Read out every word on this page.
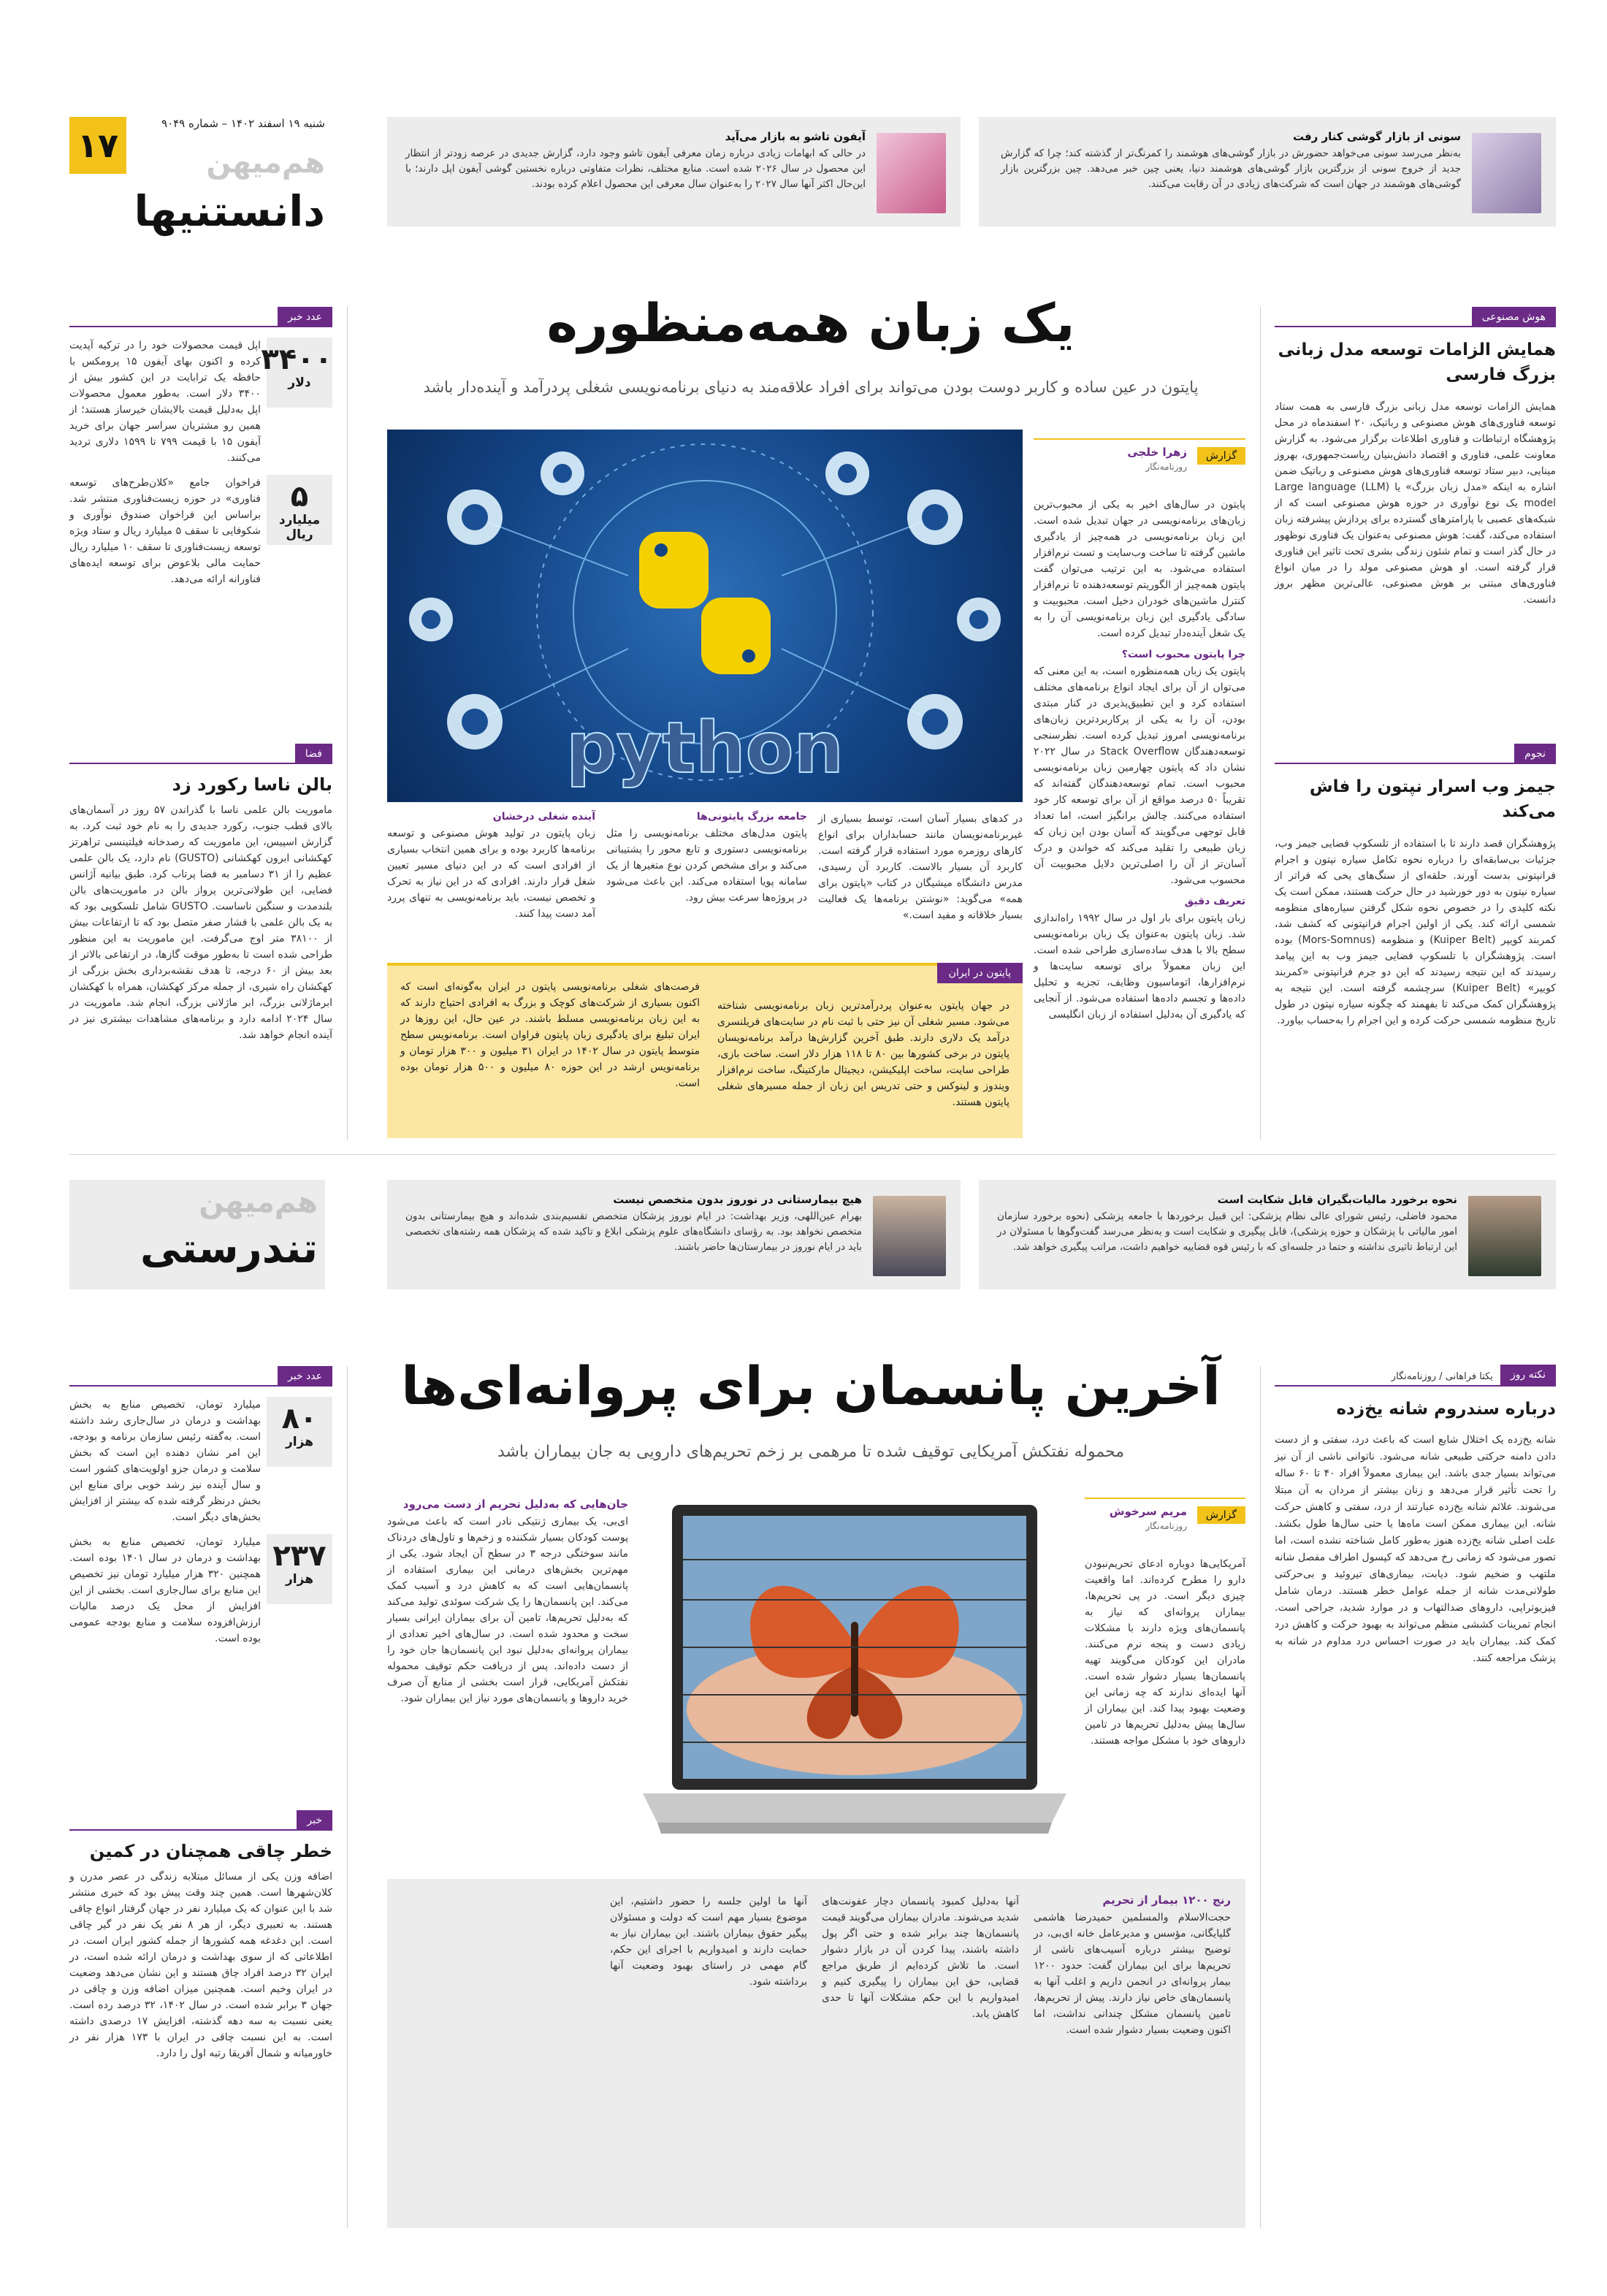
۱۷
شنبه ۱۹ اسفند ۱۴۰۲ – شماره ۹۰۴۹
هم‌میهن
دانستنیها
آیفون تاشو به بازار می‌آید
در حالی که ابهامات زیادی درباره زمان معرفی آیفون تاشو وجود دارد، گزارش جدیدی در عرصه زودتر از انتظار این محصول در سال ۲۰۲۶ شده است. منابع مختلف، نظرات متفاوتی درباره نخستین گوشی آیفون اپل دارند؛ با این‌حال اکثر آنها سال ۲۰۲۷ را به‌عنوان سال معرفی این محصول اعلام کرده بودند.
سونی از بازار گوشی کنار رفت
به‌نظر می‌رسد سونی می‌خواهد حضورش در بازار گوشی‌های هوشمند را کمرنگ‌تر از گذشته کند؛ چرا که گزارش جدید از خروج سونی از بزرگترین بازار گوشی‌های هوشمند دنیا، یعنی چین خبر می‌دهد. چین بزرگترین بازار گوشی‌های هوشمند در جهان است که شرکت‌های زیادی در آن رقابت می‌کنند.
عدد خبر
۳۴۰۰
دلار
اپل قیمت محصولات خود را در ترکیه آپدیت کرده و اکنون بهای آیفون ۱۵ پرومکس با حافظه یک ترابایت در این کشور بیش از ۳۴۰۰ دلار است. به‌طور معمول محصولات اپل به‌دلیل قیمت بالایشان خیرساز هستند؛ از همین رو مشتریان سراسر جهان برای خرید آیفون ۱۵ با قیمت ۷۹۹ تا ۱۵۹۹ دلاری تردید می‌کنند.
۵
میلیارد ریال
فراخوان جامع «کلان‌طرح‌های توسعه فناوری» در حوزه زیست‌فناوری منتشر شد. براساس این فراخوان صندوق نوآوری و شکوفایی تا سقف ۵ میلیارد ریال و ستاد ویژه توسعه زیست‌فناوری تا سقف ۱۰ میلیارد ریال حمایت مالی بلاعوض برای توسعه ایده‌های فناورانه ارائه می‌دهد.
فضا
بالن ناسا رکورد زد
ماموریت بالن علمی ناسا با گذراندن ۵۷ روز در آسمان‌های بالای قطب جنوب، رکورد جدیدی را به نام خود ثبت کرد. به گزارش اسپیس، این ماموریت که رصدخانه فیلتینسی تراهرتز کهکشانی ابرون کهکشانی (GUSTO) نام دارد، یک بالن علمی عظیم را از ۳۱ دسامبر به فضا پرتاب کرد. طبق بیانیه آژانس فضایی، این طولانی‌ترین پرواز بالن در ماموریت‌های بالن بلندمدت و سنگین ناساست. GUSTO شامل تلسکوپی بود که به یک بالن علمی با فشار صفر متصل بود که تا ارتفاعات بیش از ۳۸۱۰۰ متر اوج می‌گرفت. این ماموریت به این منظور طراحی شده است تا به‌طور موقت گازها، در ارتفاعی بالاتر از بعد بیش از ۶۰ درجه، تا هدف نقشه‌برداری بخش بزرگی از کهکشان راه شیری، از جمله مرکز کهکشان، همراه با کهکشان ابرماژلانی بزرگ، ابر ماژلانی بزرگ، انجام شد. ماموریت در سال ۲۰۲۴ ادامه دارد و برنامه‌های مشاهدات بیشتری نیز در آینده انجام خواهد شد.
هوش مصنوعی
همایش الزامات توسعه مدل زبانی بزرگ فارسی
همایش الزامات توسعه مدل زبانی بزرگ فارسی به همت ستاد توسعه فناوری‌های هوش مصنوعی و رباتیک، ۲۰ اسفندماه در محل پژوهشگاه ارتباطات و فناوری اطلاعات برگزار می‌شود. به گزارش معاونت علمی، فناوری و اقتصاد دانش‌بنیان ریاست‌جمهوری، بهروز مینایی، دبیر ستاد توسعه فناوری‌های هوش مصنوعی و رباتیک ضمن اشاره به اینکه «مدل زبان بزرگ» یا (LLM) Large language model یک نوع نوآوری در حوزه هوش مصنوعی است که از شبکه‌های عصبی با پارامترهای گسترده برای پردازش پیشرفته زبان استفاده می‌کند، گفت: هوش مصنوعی به‌عنوان یک فناوری نوظهور در حال گذر است و تمام شئون زندگی بشری تحت تاثیر این فناوری قرار گرفته است. او هوش مصنوعی مولد را در میان انواع فناوری‌های مبتنی بر هوش مصنوعی، عالی‌ترین مظهر بروز دانست.
نجوم
جیمز وب اسرار نپتون را فاش می‌کند
پژوهشگران قصد دارند تا با استفاده از تلسکوپ فضایی جیمز وب، جزئیات بی‌سابقه‌ای را درباره نحوه تکامل سیاره نپتون و اجرام فرانپتونی بدست آورند. حلقه‌ای از سنگ‌های یخی که فراتر از سیاره نپتون به دور خورشید در حال حرکت هستند، ممکن است یک نکته کلیدی را در خصوص نحوه شکل گرفتن سیاره‌های منظومه شمسی ارائه کند. یکی از اولین اجرام فرانپتونی که کشف شد، کمربند کویپر (Kuiper Belt) و منظومه (Mors-Somnus) بوده است. پژوهشگران با تلسکوپ فضایی جیمز وب به این پیامد رسیدند که این نتیجه رسیدند که این دو جرم فرانپتونی «کمربند کویپر» (Kuiper Belt) سرچشمه گرفته است. این نتیجه به پژوهشگران کمک می‌کند تا بفهمند که چگونه سیاره نپتون در طول تاریخ منظومه شمسی حرکت کرده و این اجرام را به‌حساب بیاورد.
یک زبان همه‌منظوره
پایتون در عین ساده و کاربر دوست بودن می‌تواند برای افراد علاقه‌مند به دنیای برنامه‌نویسی شغلی پردرآمد و آینده‌دار باشد
python
گزارش
زهرا خلجی
روزنامه‌نگار
پایتون در سال‌های اخیر به یکی از محبوب‌ترین زبان‌های برنامه‌نویسی در جهان تبدیل شده است. این زبان برنامه‌نویسی در همه‌چیز از یادگیری ماشین گرفته تا ساخت وب‌سایت و تست نرم‌افزار استفاده می‌شود. به این ترتیب می‌توان گفت پایتون همه‌چیز از الگوریتم توسعه‌دهنده تا نرم‌افزار کنترل ماشین‌های خودران دخیل است. محبوبیت و سادگی یادگیری این زبان برنامه‌نویسی آن را به یک شغل آینده‌دار تبدیل کرده است.
چرا پایتون محبوب است؟
پایتون یک زبان همه‌منظوره است، به این معنی که می‌توان از آن برای ایجاد انواع برنامه‌های مختلف استفاده کرد و این تطبیق‌پذیری در کنار مبتدی بودن، آن را به یکی از پرکاربردترین زبان‌های برنامه‌نویسی امروز تبدیل کرده است. نظرسنجی توسعه‌دهندگان Stack Overflow در سال ۲۰۲۲ نشان داد که پایتون چهارمین زبان برنامه‌نویسی محبوب است. تمام توسعه‌دهندگان گفته‌اند که تقریباً ۵۰ درصد مواقع از آن برای توسعه کار خود استفاده می‌کنند. چالش برانگیز است، اما تعداد قابل توجهی می‌گویند که آسان بودن این زبان که زبان طبیعی را تقلید می‌کند که خواندن و درک آسان‌تر از آن را اصلی‌ترین دلایل محبوبیت آن محسوب می‌شود.
تعریف دقیق
زبان پایتون برای بار اول در سال ۱۹۹۲ راه‌اندازی شد. زبان پایتون به‌عنوان یک زبان برنامه‌نویسی سطح بالا با هدف ساده‌سازی طراحی شده است. این زبان معمولاً برای توسعه سایت‌ها و نرم‌افزارها، اتوماسیون وظایف، تجزیه و تحلیل داده‌ها و تجسم داده‌ها استفاده می‌شود. از آنجایی که یادگیری آن به‌دلیل استفاده از زبان انگلیسی
در کدهای بسیار آسان است، توسط بسیاری از غیربرنامه‌نویسان مانند حسابداران برای انواع کارهای روزمره مورد استفاده قرار گرفته است. کاربرد آن بسیار بالاست. کاربرد آن رسیدی، مدرس دانشگاه میشیگان در کتاب «پایتون برای همه» می‌گوید: «نوشتن برنامه‌ها یک فعالیت بسیار خلاقانه و مفید است.»
جامعه بزرگ پایتونی‌ها
پایتون مدل‌های مختلف برنامه‌نویسی را مثل برنامه‌نویسی دستوری و تابع محور را پشتیبانی می‌کند و برای مشخص کردن نوع متغیرها از یک سامانه پویا استفاده می‌کند. این باعث می‌شود در پروژه‌ها سرعت بیش رود.
آینده شغلی درخشان
زبان پایتون در تولید هوش مصنوعی و توسعه برنامه‌ها کاربرد بوده و برای همین انتخاب بسیاری از افرادی است که در این دنیای مسیر تعیین شغل قرار دارند. افرادی که در این نیاز به تحرک و تخصص نیست، باید برنامه‌نویسی به تنهای پررد آمد دست پیدا کنند.
پایتون در ایران
در جهان پایتون به‌عنوان پردرآمدترین زبان برنامه‌نویسی شناخته می‌شود. مسیر شغلی آن نیز حتی با ثبت نام در سایت‌های فریلنسری درآمد یک دلاری دارند. طبق آخرین گزارش‌ها درآمد برنامه‌نویسان پایتون در برخی کشورها بین ۸۰ تا ۱۱۸ هزار دلار است. ساخت بازی، طراحی سایت، ساخت اپلیکیشن، دیجیتال مارکتینگ، ساخت نرم‌افزار ویندوز و لینوکس و حتی تدریس این زبان از جمله مسیرهای شغلی پایتون هستند.
فرصت‌های شغلی برنامه‌نویسی پایتون در ایران به‌گونه‌ای است که اکنون بسیاری از شرکت‌های کوچک و بزرگ به افرادی احتیاج دارند که به این زبان برنامه‌نویسی مسلط باشند. در عین حال، این روزها در ایران تبلیغ برای یادگیری زبان پایتون فراوان است. برنامه‌نویس سطح متوسط پایتون در سال ۱۴۰۲ در ایران ۳۱ میلیون و ۳۰۰ هزار تومان و برنامه‌نویس ارشد در این حوزه ۸۰ میلیون و ۵۰۰ هزار تومان بوده است.
هم‌میهن
تندرستی
هیچ بیمارستانی در نوروز بدون متخصص نیست
بهرام عین‌اللهی، وزیر بهداشت: در ایام نوروز پزشکان متخصص تقسیم‌بندی شده‌اند و هیچ بیمارستانی بدون متخصص نخواهد بود. به رؤسای دانشگاه‌های علوم پزشکی ابلاغ و تاکید شده که پزشکان همه رشته‌های تخصصی باید در ایام نوروز در بیمارستان‌ها حاضر باشند.
نحوه برخورد مالیات‌بگیران قابل شکایت است
محمود فاضلی، رئیس شورای عالی نظام پزشکی: این قبیل برخوردها با جامعه پزشکی (نحوه برخورد سازمان امور مالیاتی با پزشکان و حوزه پزشکی)، قابل پیگیری و شکایت است و به‌نظر می‌رسد گفت‌وگوها با مسئولان در این ارتباط تاثیری نداشته و حتما در جلسه‌ای که با رئیس قوه قضاییه خواهیم داشت، مراتب پیگیری خواهد شد.
عدد خبر
۸۰
هزار
میلیارد تومان، تخصیص منابع به بخش بهداشت و درمان در سال‌جاری رشد داشته است. به‌گفته رئیس سازمان برنامه و بودجه، این امر نشان دهنده این است که بخش سلامت و درمان جزو اولویت‌های کشور است و سال آینده نیز رشد خوبی برای منابع این بخش درنظر گرفته شده که بیشتر از افزایش بخش‌های دیگر است.
۲۳۷
هزار
میلیارد تومان، تخصیص منابع به بخش بهداشت و درمان در سال ۱۴۰۱ بوده است. همچنین ۳۲۰ هزار میلیارد تومان نیز تخصیص این منابع برای سال‌جاری است. بخشی از این افزایش از محل یک درصد مالیات ارزش‌افزوده سلامت و منابع بودجه عمومی بوده است.
خبر
خطر چاقی همچنان در کمین
اضافه وزن یکی از مسائل مبتلابه زندگی در عصر مدرن و کلان‌شهرها است. همین چند وقت پیش بود که خبری منتشر شد با این عنوان که یک میلیارد نفر در جهان گرفتار انواع چاقی هستند. به تعبیری دیگر، از هر ۸ نفر یک نفر در گیر چاقی است. این دغدغه همه کشورها از جمله کشور ایران است. در اطلاعاتی که از سوی بهداشت و درمان ارائه شده است، در ایران ۳۲ درصد افراد چاق هستند و این نشان می‌دهد وضعیت در ایران وخیم است. همچنین میزان اضافه وزن و چاقی در جهان ۳ برابر شده است. در سال ۱۴۰۲، ۳۲ درصد رده است. یعنی نسبت به سه دهه گذشته، افزایش ۱۷ درصدی داشته است. به این نسبت چاقی در ایران با ۱۷۳ هزار نفر در خاورمیانه و شمال آفریقا رتبه اول را دارد.
نکته روز
یکتا فراهانی / روزنامه‌نگار
درباره سندروم شانه یخ‌زده
شانه یخ‌زده یک اختلال شایع است که باعث درد، سفتی و از دست دادن دامنه حرکتی طبیعی شانه می‌شود. ناتوانی ناشی از آن نیز می‌تواند بسیار جدی باشد. این بیماری معمولاً افراد ۴۰ تا ۶۰ ساله را تحت تأثیر قرار می‌دهد و زنان بیشتر از مردان به آن مبتلا می‌شوند. علائم شانه یخ‌زده عبارتند از درد، سفتی و کاهش حرکت شانه. این بیماری ممکن است ماه‌ها یا حتی سال‌ها طول بکشد. علت اصلی شانه یخ‌زده هنوز به‌طور کامل شناخته نشده است، اما تصور می‌شود که زمانی رخ می‌دهد که کپسول اطراف مفصل شانه ملتهب و ضخیم شود. دیابت، بیماری‌های تیروئید و بی‌حرکتی طولانی‌مدت شانه از جمله عوامل خطر هستند. درمان شامل فیزیوتراپی، داروهای ضدالتهاب و در موارد شدید، جراحی است. انجام تمرینات کششی منظم می‌تواند به بهبود حرکت و کاهش درد کمک کند. بیماران باید در صورت احساس درد مداوم در شانه به پزشک مراجعه کنند.
آخرین پانسمان برای پروانه‌ای‌ها
محموله نفتکش آمریکایی توقیف شده تا مرهمی بر زخم تحریم‌های دارویی به جان بیماران باشد
گزارش
مریم سرخوش
روزنامه‌نگار
آمریکایی‌ها دوباره ادعای تحریم‌نبودن دارو را مطرح کرده‌اند. اما واقعیت چیزی دیگر است. در پی تحریم‌ها، بیماران پروانه‌ای که نیاز به پانسمان‌های ویژه دارند با مشکلات زیادی دست و پنجه نرم می‌کنند. مادران این کودکان می‌گویند تهیه پانسمان‌ها بسیار دشوار شده است. آنها ایده‌ای ندارند که چه زمانی این وضعیت بهبود پیدا کند. این بیماران از سال‌ها پیش به‌دلیل تحریم‌ها در تامین داروهای خود با مشکل مواجه هستند.
جان‌هایی که به‌دلیل تحریم از دست می‌رود
ای‌بی، یک بیماری ژنتیکی نادر است که باعث می‌شود پوست کودکان بسیار شکننده و زخم‌ها و تاول‌های دردناک مانند سوختگی درجه ۳ در سطح آن ایجاد شود. یکی از مهم‌ترین بخش‌های درمانی این بیماری استفاده از پانسمان‌هایی است که به کاهش درد و آسیب کمک می‌کند. این پانسمان‌ها را یک شرکت سوئدی تولید می‌کند که به‌دلیل تحریم‌ها، تامین آن برای بیماران ایرانی بسیار سخت و محدود شده است. در سال‌های اخیر تعدادی از بیماران پروانه‌ای به‌دلیل نبود این پانسمان‌ها جان خود را از دست داده‌اند. پس از دریافت حکم توقیف محموله نفتکش آمریکایی، قرار است بخشی از منابع آن صرف خرید داروها و پانسمان‌های مورد نیاز این بیماران شود.
رنج ۱۲۰۰ بیمار از تحریم
حجت‌الاسلام والمسلمین حمیدرضا هاشمی گلپایگانی، مؤسس و مدیرعامل خانه ای‌بی، در توضیح بیشتر درباره آسیب‌های ناشی از تحریم‌ها برای این بیماران گفت: حدود ۱۲۰۰ بیمار پروانه‌ای در انجمن داریم و اغلب آنها به پانسمان‌های خاص نیاز دارند. پیش از تحریم‌ها، تامین پانسمان مشکل چندانی نداشت، اما اکنون وضعیت بسیار دشوار شده است.
آنها به‌دلیل کمبود پانسمان دچار عفونت‌های شدید می‌شوند. مادران بیماران می‌گویند قیمت پانسمان‌ها چند برابر شده و حتی اگر پول داشته باشند، پیدا کردن آن در بازار دشوار است. ما تلاش کرده‌ایم از طریق مراجع قضایی، حق این بیماران را پیگیری کنیم و امیدواریم با این حکم مشکلات آنها تا حدی کاهش یابد.
آنها ما اولین جلسه را حضور داشتیم، این موضوع بسیار مهم است که دولت و مسئولان پیگیر حقوق بیماران باشند. این بیماران نیاز به حمایت دارند و امیدواریم با اجرای این حکم، گام مهمی در راستای بهبود وضعیت آنها برداشته شود.
